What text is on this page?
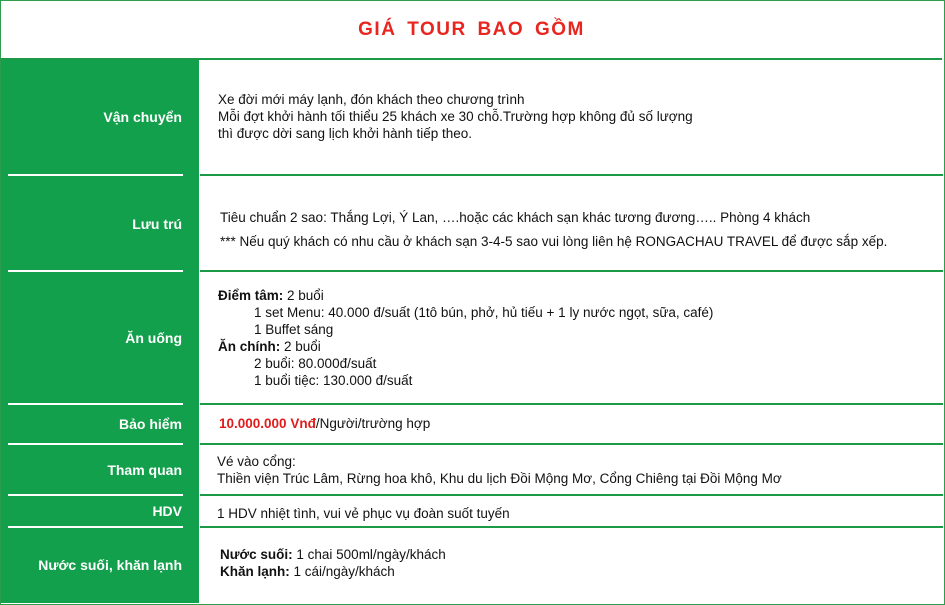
GIÁ TOUR BAO GỒM
Vận chuyển
Lưu trú
Ăn uống
Bảo hiểm
Tham quan
HDV
Nước suối, khăn lạnh
Xe đời mới máy lạnh, đón khách theo chương trình
Mỗi đợt khởi hành tối thiểu 25 khách xe 30 chỗ.Trường hợp không đủ số lượng
thì được dời sang lịch khởi hành tiếp theo.
Tiêu chuẩn 2 sao: Thắng Lợi, Ý Lan, ….hoặc các khách sạn khác tương đương….. Phòng 4 khách
*** Nếu quý khách có nhu cầu ở khách sạn 3-4-5 sao vui lòng liên hệ RONGACHAU TRAVEL để được sắp xếp.
Điểm tâm: 2 buổi
1 set Menu: 40.000 đ/suất (1tô bún, phở, hủ tiếu + 1 ly nước ngọt, sữa, café)
1 Buffet sáng
Ăn chính: 2 buổi
2 buổi: 80.000đ/suất
1 buổi tiệc: 130.000 đ/suất
10.000.000 Vnđ/Người/trường hợp
Vé vào cổng:
Thiền viện Trúc Lâm, Rừng hoa khô, Khu du lịch Đồi Mộng Mơ, Cổng Chiêng tại Đồi Mộng Mơ
1 HDV nhiệt tình, vui vẻ phục vụ đoàn suốt tuyến
Nước suối: 1 chai 500ml/ngày/khách
Khăn lạnh: 1 cái/ngày/khách
